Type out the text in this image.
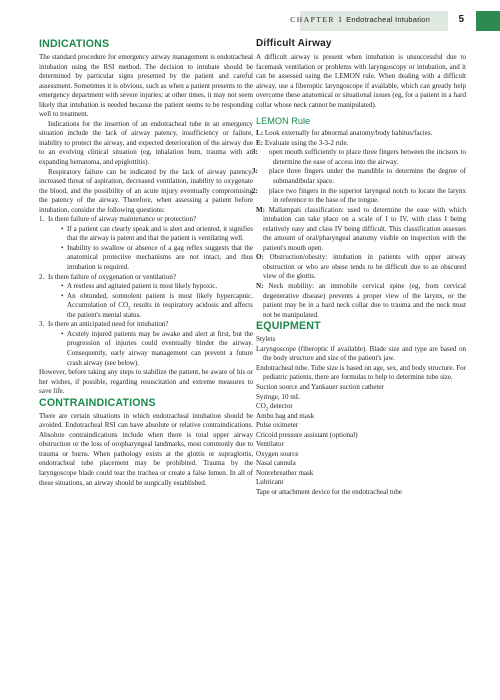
CHAPTER 1 Endotracheal Intubation	5
INDICATIONS

The standard procedure for emergency airway management is endotracheal intubation using the RSI method. The decision to intubate should be determined by particular signs presented by the patient and careful assessment. Sometimes it is obvious, such as when a patient presents to the emergency department with severe injuries; at other times, it may not seem likely that intubation is needed because the patient seems to be responding well to treatment.

Indications for the insertion of an endotracheal tube in an emergency situation include the lack of airway patency, insufficiency or failure, inability to protect the airway, and expected deterioration of the airway due to an evolving clinical situation (eg, inhalation burn, trauma with an expanding hematoma, and epiglottitis).

Respiratory failure can be indicated by the lack of airway patency, increased threat of aspiration, decreased ventilation, inability to oxygenate the blood, and the possibility of an acute injury eventually compromising the patency of the airway. Therefore, when assessing a patient before intubation, consider the following questions:

1. Is there failure of airway maintenance or protection?
• If a patient can clearly speak and is alert and oriented, it signifies that the airway is patent and that the patient is ventilating well.
• Inability to swallow or absence of a gag reflex suggests that the anatomical protective mechanisms are not intact, and thus intubation is required.
2. Is there failure of oxygenation or ventilation?
• A restless and agitated patient is most likely hypoxic.
• An obtunded, somnolent patient is most likely hypercapnic. Accumulation of $CO_2$ results in respiratory acidosis and affects the patient's mental status.
3. Is there an anticipated need for intubation?
• Acutely injured patients may be awake and alert at first, but the progression of injuries could eventually hinder the airway. Consequently, early airway management can prevent a future crash airway (see below).

However, before taking any steps to stabilize the patient, be aware of his or her wishes, if possible, regarding resuscitation and extreme measures to save life.

CONTRAINDICATIONS

There are certain situations in which endotracheal intubation should be avoided. Endotracheal RSI can have absolute or relative contraindications. Absolute contraindications include when there is total upper airway obstruction or the loss of oropharyngeal landmarks, most commonly due to trauma or burns. When pathology exists at the glottis or supraglottis, endotracheal tube placement may be prohibited. Trauma by the laryngoscope blade could tear the trachea or create a false lumen. In all of these situations, an airway should be surgically established.

Difficult Airway

A difficult airway is present when intubation is unsuccessful due to facemask ventilation or problems with laryngoscopy or intubation, and it can be assessed using the LEMON rule. When dealing with a difficult airway, use a fiberoptic laryngoscope if available, which can greatly help overcome these anatomical or situational issues (eg, for a patient in a hard collar whose neck cannot be manipulated).

LEMON Rule
L: Look externally for abnormal anatomy/body habitus/facies.
E: Evaluate using the 3-3-2 rule.
3:	open mouth sufficiently to place three fingers between the incisors to determine the ease of access into the airway.
3:	place three fingers under the mandible to determine the degree of submandibular space.
2:	place two fingers in the superior laryngeal notch to locate the larynx in reference to the base of the tongue.
M: Mallampati classification: used to determine the ease with which intubation can take place on a scale of I to IV, with class I being relatively easy and class IV being difficult. This classification assesses the amount of oral/pharyngeal anatomy visible on inspection with the patient's mouth open.
O: Obstruction/obesity: intubation in patients with upper airway obstruction or who are obese tends to be difficult due to an obscured view of the glottis.
N: Neck mobility: an immobile cervical spine (eg, from cervical degenerative disease) prevents a proper view of the larynx, or the patient may be in a hard neck collar due to trauma and the neck must not be manipulated.
EQUIPMENT
Stylets
Laryngoscope (fiberoptic if available). Blade size and type are based on the body structure and size of the patient's jaw.
Endotracheal tube. Tube size is based on age, sex, and body structure. For pediatric patients, there are formulas to help to determine tube size.
Suction source and Yankauer suction catheter
Syringe, 10 mL
$CO_2$ detector
Ambu bag and mask
Pulse oximeter
Cricoid pressure assistant (optional)
Ventilator
Oxygen source
Nasal cannula
Nonrebreather mask
Lubricant
Tape or attachment device for the endotracheal tube
